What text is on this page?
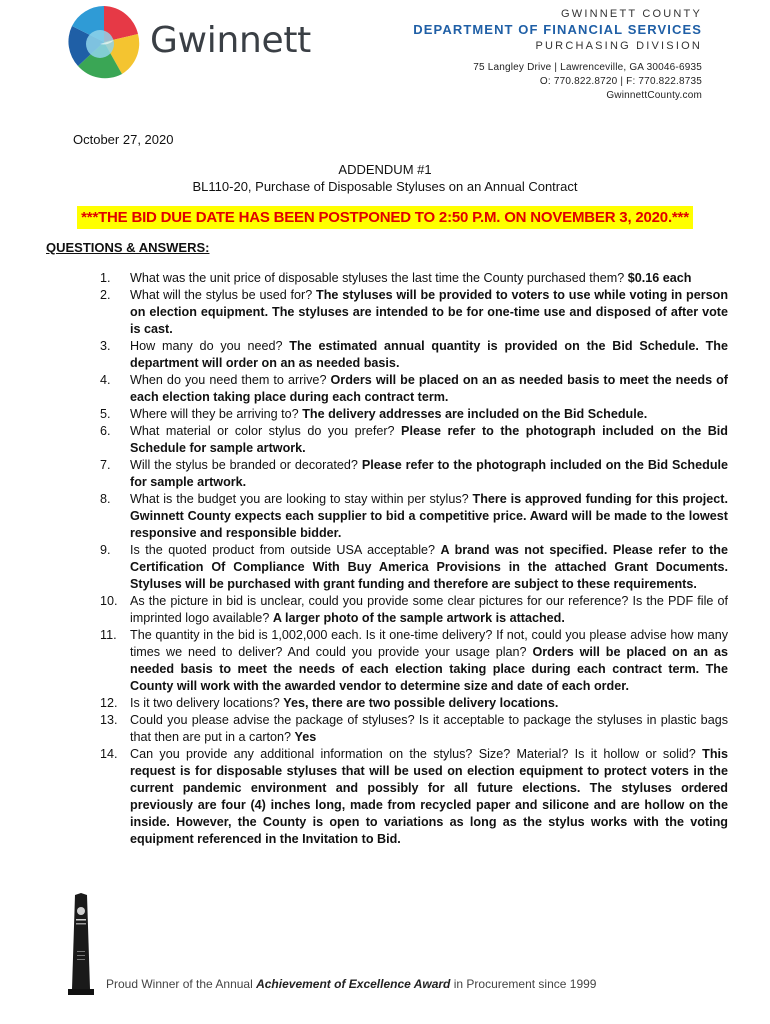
Gwinnett
GWINNETT COUNTY
DEPARTMENT OF FINANCIAL SERVICES
PURCHASING DIVISION
75 Langley Drive | Lawrenceville, GA 30046-6935
O: 770.822.8720 | F: 770.822.8735
GwinnettCounty.com
October 27, 2020
ADDENDUM #1
BL110-20, Purchase of Disposable Styluses on an Annual Contract
***THE BID DUE DATE HAS BEEN POSTPONED TO 2:50 P.M. ON NOVEMBER 3, 2020.***
QUESTIONS & ANSWERS:
1.	What was the unit price of disposable styluses the last time the County purchased them? $0.16 each
2.	What will the stylus be used for? The styluses will be provided to voters to use while voting in person on election equipment. The styluses are intended to be for one-time use and disposed of after vote is cast.
3.	How many do you need? The estimated annual quantity is provided on the Bid Schedule. The department will order on an as needed basis.
4.	When do you need them to arrive? Orders will be placed on an as needed basis to meet the needs of each election taking place during each contract term.
5.	Where will they be arriving to? The delivery addresses are included on the Bid Schedule.
6.	What material or color stylus do you prefer? Please refer to the photograph included on the Bid Schedule for sample artwork.
7.	Will the stylus be branded or decorated? Please refer to the photograph included on the Bid Schedule for sample artwork.
8.	What is the budget you are looking to stay within per stylus? There is approved funding for this project. Gwinnett County expects each supplier to bid a competitive price. Award will be made to the lowest responsive and responsible bidder.
9.	Is the quoted product from outside USA acceptable? A brand was not specified. Please refer to the Certification Of Compliance With Buy America Provisions in the attached Grant Documents. Styluses will be purchased with grant funding and therefore are subject to these requirements.
10. As the picture in bid is unclear, could you provide some clear pictures for our reference? Is the PDF file of imprinted logo available? A larger photo of the sample artwork is attached.
11.	The quantity in the bid is 1,002,000 each. Is it one-time delivery? If not, could you please advise how many times we need to deliver? And could you provide your usage plan? Orders will be placed on an as needed basis to meet the needs of each election taking place during each contract term. The County will work with the awarded vendor to determine size and date of each order.
12. Is it two delivery locations? Yes, there are two possible delivery locations.
13. Could you please advise the package of styluses? Is it acceptable to package the styluses in plastic bags that then are put in a carton? Yes
14. Can you provide any additional information on the stylus? Size? Material? Is it hollow or solid? This request is for disposable styluses that will be used on election equipment to protect voters in the current pandemic environment and possibly for all future elections. The styluses ordered previously are four (4) inches long, made from recycled paper and silicone and are hollow on the inside. However, the County is open to variations as long as the stylus works with the voting equipment referenced in the Invitation to Bid.
Proud Winner of the Annual Achievement of Excellence Award in Procurement since 1999
